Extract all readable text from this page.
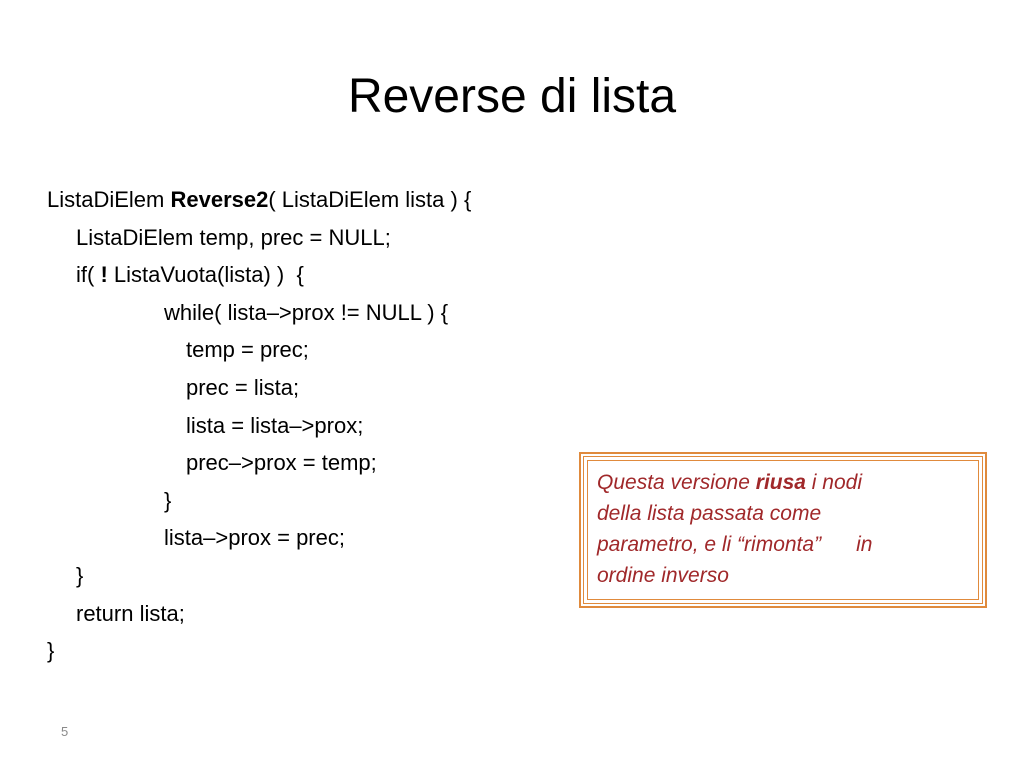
Reverse di lista
ListaDiElem Reverse2( ListaDiElem lista ) {
ListaDiElem temp, prec = NULL;
if( ! ListaVuota(lista) )  {
while( lista–>prox != NULL ) {
temp = prec;
prec = lista;
lista = lista–>prox;
prec–>prox = temp;
}
lista–>prox = prec;
}
return lista;
}
Questa versione riusa i nodi
della lista passata come
parametro, e li “rimonta”      in
ordine inverso
5
